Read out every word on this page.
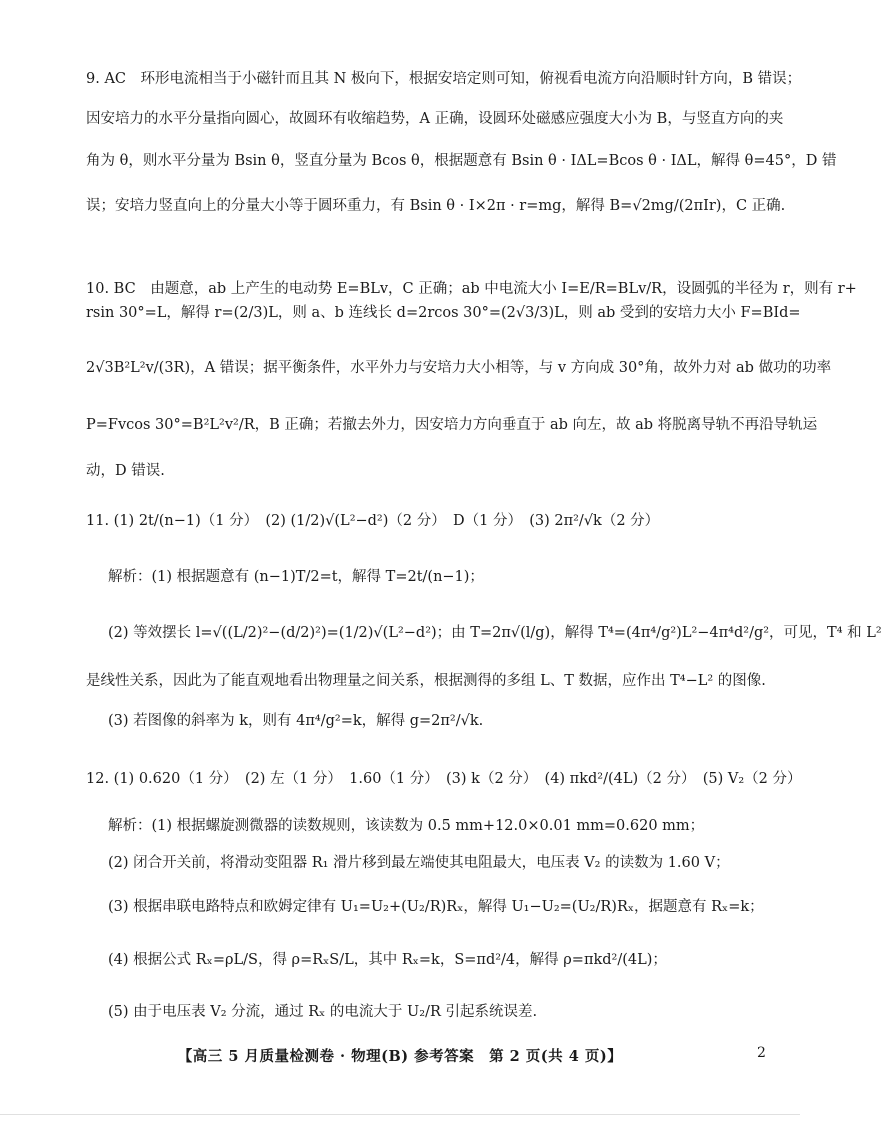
9. AC　环形电流相当于小磁针而且其 N 极向下，根据安培定则可知，俯视看电流方向沿顺时针方向，B 错误；
因安培力的水平分量指向圆心，故圆环有收缩趋势，A 正确，设圆环处磁感应强度大小为 B，与竖直方向的夹
角为 θ，则水平分量为 Bsin θ，竖直分量为 Bcos θ，根据题意有 Bsin θ · IΔL=Bcos θ · IΔL，解得 θ=45°，D 错
误；安培力竖直向上的分量大小等于圆环重力，有 Bsin θ · I×2π · r=mg，解得 B=√2mg/(2πIr)，C 正确.
10. BC　由题意，ab 上产生的电动势 E=BLv，C 正确；ab 中电流大小 I=E/R=BLv/R，设圆弧的半径为 r，则有 r+
rsin 30°=L，解得 r=(2/3)L，则 a、b 连线长 d=2rcos 30°=(2√3/3)L，则 ab 受到的安培力大小 F=BId=
2√3B²L²v/(3R)，A 错误；据平衡条件，水平外力与安培力大小相等，与 v 方向成 30°角，故外力对 ab 做功的功率
P=Fvcos 30°=B²L²v²/R，B 正确；若撤去外力，因安培力方向垂直于 ab 向左，故 ab 将脱离导轨不再沿导轨运
动，D 错误.
11. (1) 2t/(n−1)（1 分）　(2) (1/2)√(L²−d²)（2 分）　D（1 分）　(3) 2π²/√k（2 分）
解析：(1) 根据题意有 (n−1)T/2=t，解得 T=2t/(n−1)；
(2) 等效摆长 l=√((L/2)²−(d/2)²)=(1/2)√(L²−d²)；由 T=2π√(l/g)，解得 T⁴=(4π⁴/g²)L²−4π⁴d²/g²，可见，T⁴ 和 L²
是线性关系，因此为了能直观地看出物理量之间关系，根据测得的多组 L、T 数据，应作出 T⁴−L² 的图像.
(3) 若图像的斜率为 k，则有 4π⁴/g²=k，解得 g=2π²/√k.
12. (1) 0.620（1 分）　(2) 左（1 分）　1.60（1 分）　(3) k（2 分）　(4) πkd²/(4L)（2 分）　(5) V₂（2 分）
解析：(1) 根据螺旋测微器的读数规则，该读数为 0.5 mm+12.0×0.01 mm=0.620 mm；
(2) 闭合开关前，将滑动变阻器 R₁ 滑片移到最左端使其电阻最大，电压表 V₂ 的读数为 1.60 V；
(3) 根据串联电路特点和欧姆定律有 U₁=U₂+(U₂/R)Rₓ，解得 U₁−U₂=(U₂/R)Rₓ，据题意有 Rₓ=k；
(4) 根据公式 Rₓ=ρL/S，得 ρ=RₓS/L，其中 Rₓ=k，S=πd²/4，解得 ρ=πkd²/(4L)；
(5) 由于电压表 V₂ 分流，通过 Rₓ 的电流大于 U₂/R 引起系统误差.
【高三 5 月质量检测卷 · 物理(B) 参考答案　第 2 页(共 4 页)】	2
